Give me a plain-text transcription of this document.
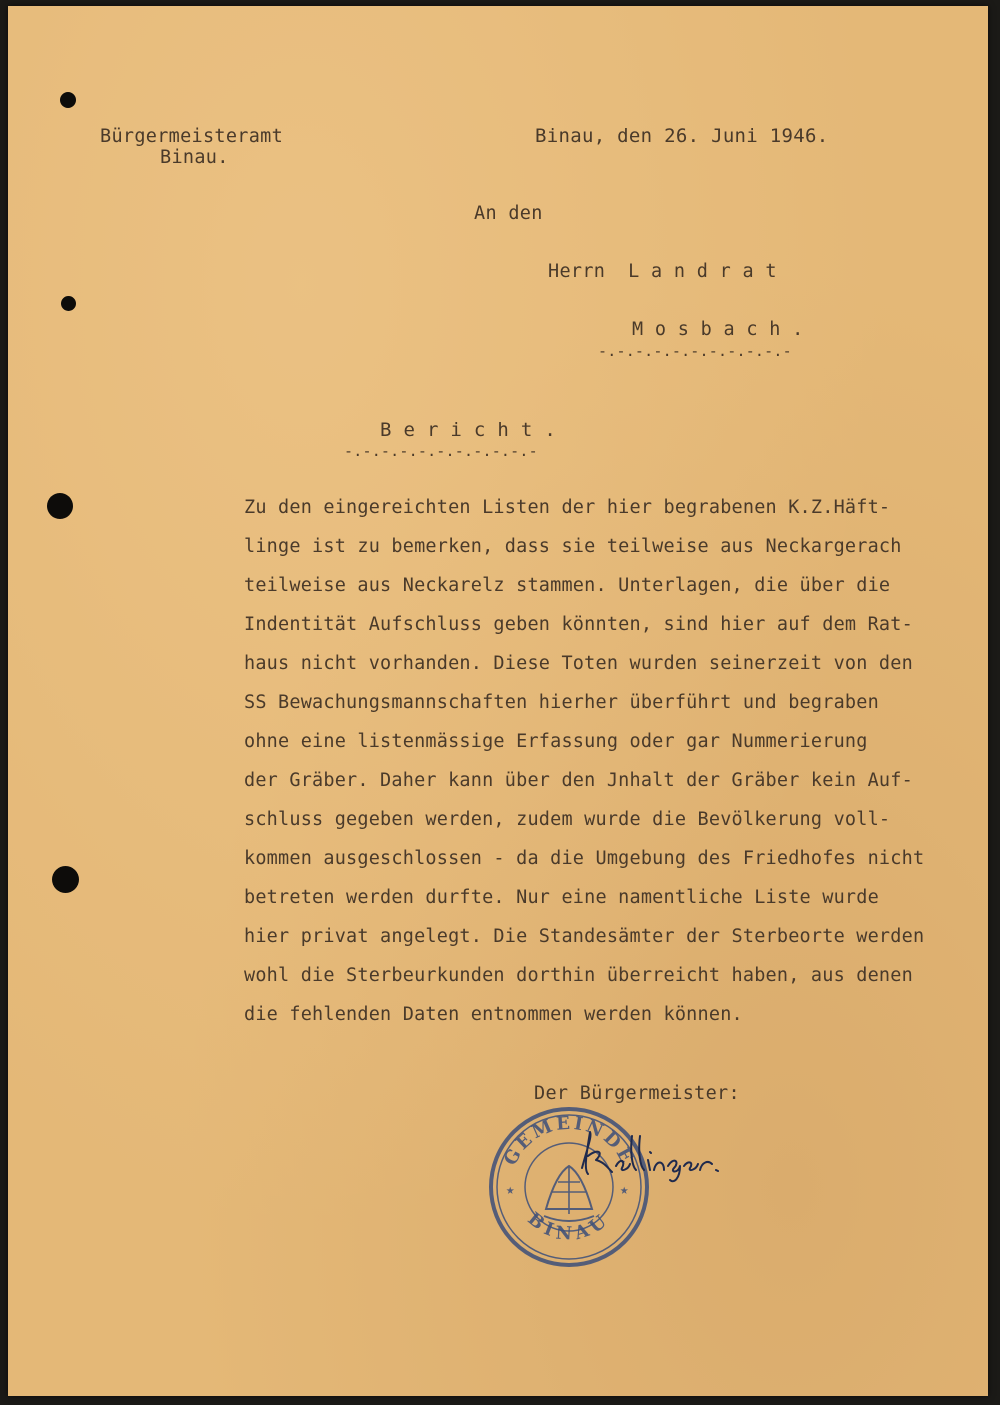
Bürgermeisteramt
Binau.
Binau, den 26. Juni 1946.
An den
Herrn  L a n d r a t
M o s b a c h .
-.-.-.-.-.-.-.-.-.-.-
B e r i c h t .
-.-.-.-.-.-.-.-.-.-.-
Zu den eingereichten Listen der hier begrabenen K.Z.Häft-
linge ist zu bemerken, dass sie teilweise aus Neckargerach
teilweise aus Neckarelz stammen. Unterlagen, die über die
Indentität Aufschluss geben könnten, sind hier auf dem Rat-
haus nicht vorhanden. Diese Toten wurden seinerzeit von den
SS Bewachungsmannschaften hierher überführt und begraben
ohne eine listenmässige Erfassung oder gar Nummerierung
der Gräber. Daher kann über den Jnhalt der Gräber kein Auf-
schluss gegeben werden, zudem wurde die Bevölkerung voll-
kommen ausgeschlossen - da die Umgebung des Friedhofes nicht
betreten werden durfte. Nur eine namentliche Liste wurde
hier privat angelegt. Die Standesämter der Sterbeorte werden
wohl die Sterbeurkunden dorthin überreicht haben, aus denen
die fehlenden Daten entnommen werden können.
Der Bürgermeister:
GEMEINDE
BINAU
★	★
